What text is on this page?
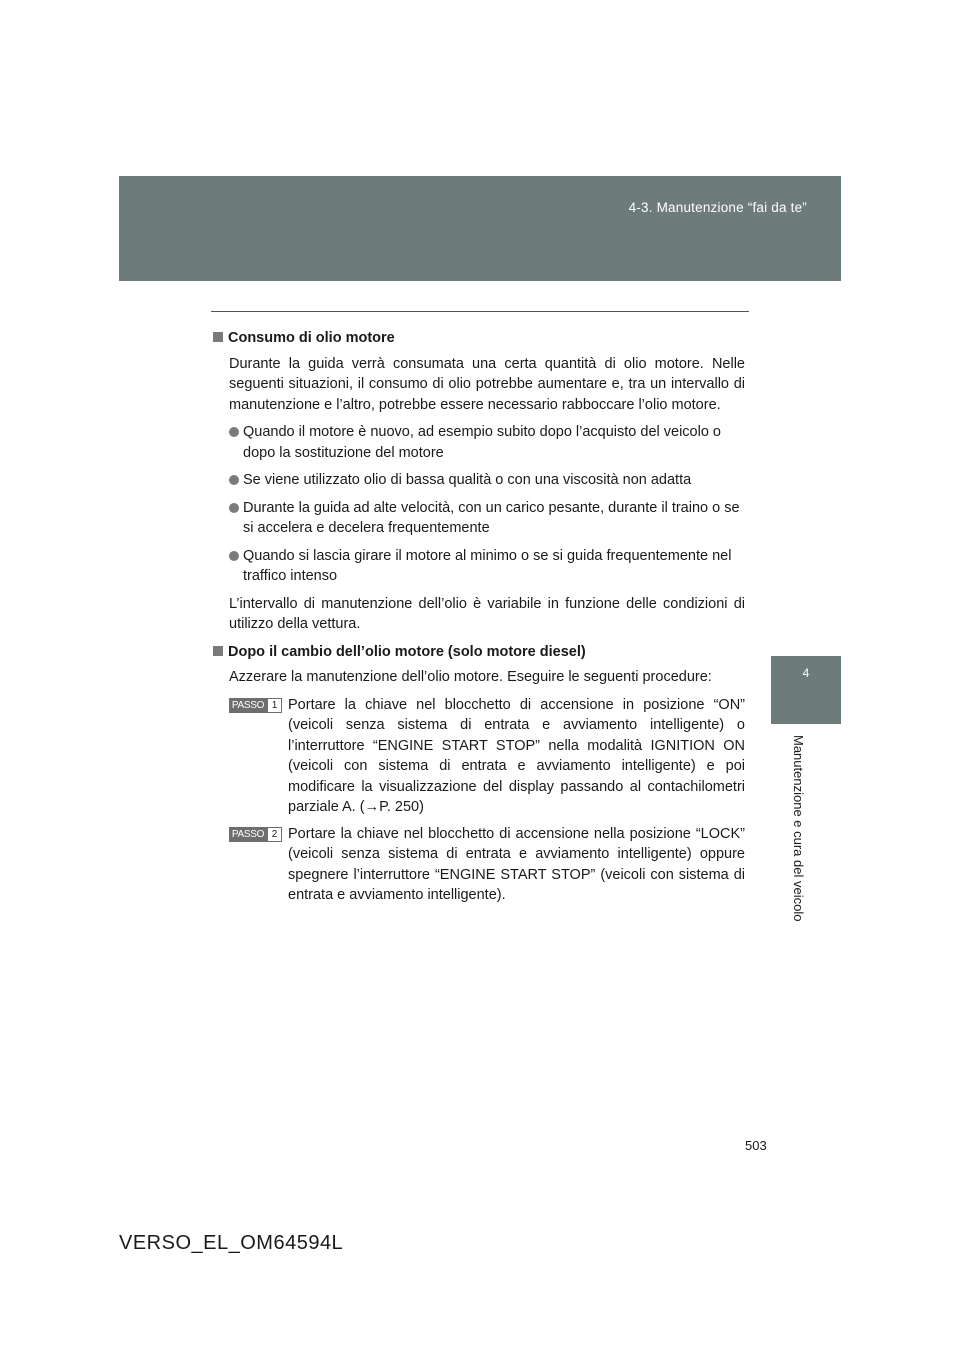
4-3. Manutenzione “fai da te”
4
Manutenzione e cura del veicolo
Consumo di olio motore

Durante la guida verrà consumata una certa quantità di olio motore. Nelle seguenti situazioni, il consumo di olio potrebbe aumentare e, tra un intervallo di manutenzione e l’altro, potrebbe essere necessario rabboccare l’olio motore.

Quando il motore è nuovo, ad esempio subito dopo l’acquisto del veicolo o dopo la sostituzione del motore
Se viene utilizzato olio di bassa qualità o con una viscosità non adatta
Durante la guida ad alte velocità, con un carico pesante, durante il traino o se si accelera e decelera frequentemente
Quando si lascia girare il motore al minimo o se si guida frequentemente nel traffico intenso

L’intervallo di manutenzione dell’olio è variabile in funzione delle condizioni di utilizzo della vettura.

Dopo il cambio dell’olio motore (solo motore diesel)

Azzerare la manutenzione dell’olio motore. Eseguire le seguenti procedure:

PASSO 1 Portare la chiave nel blocchetto di accensione in posizione “ON” (veicoli senza sistema di entrata e avviamento intelligente) o l’interruttore “ENGINE START STOP” nella modalità IGNITION ON (veicoli con sistema di entrata e avviamento intelligente) e poi modificare la visualizzazione del display passando al contachilometri parziale A. (→P. 250)
PASSO 2 Portare la chiave nel blocchetto di accensione nella posizione “LOCK” (veicoli senza sistema di entrata e avviamento intelligente) oppure spegnere l’interruttore “ENGINE START STOP” (veicoli con sistema di entrata e avviamento intelligente).
503
VERSO_EL_OM64594L
